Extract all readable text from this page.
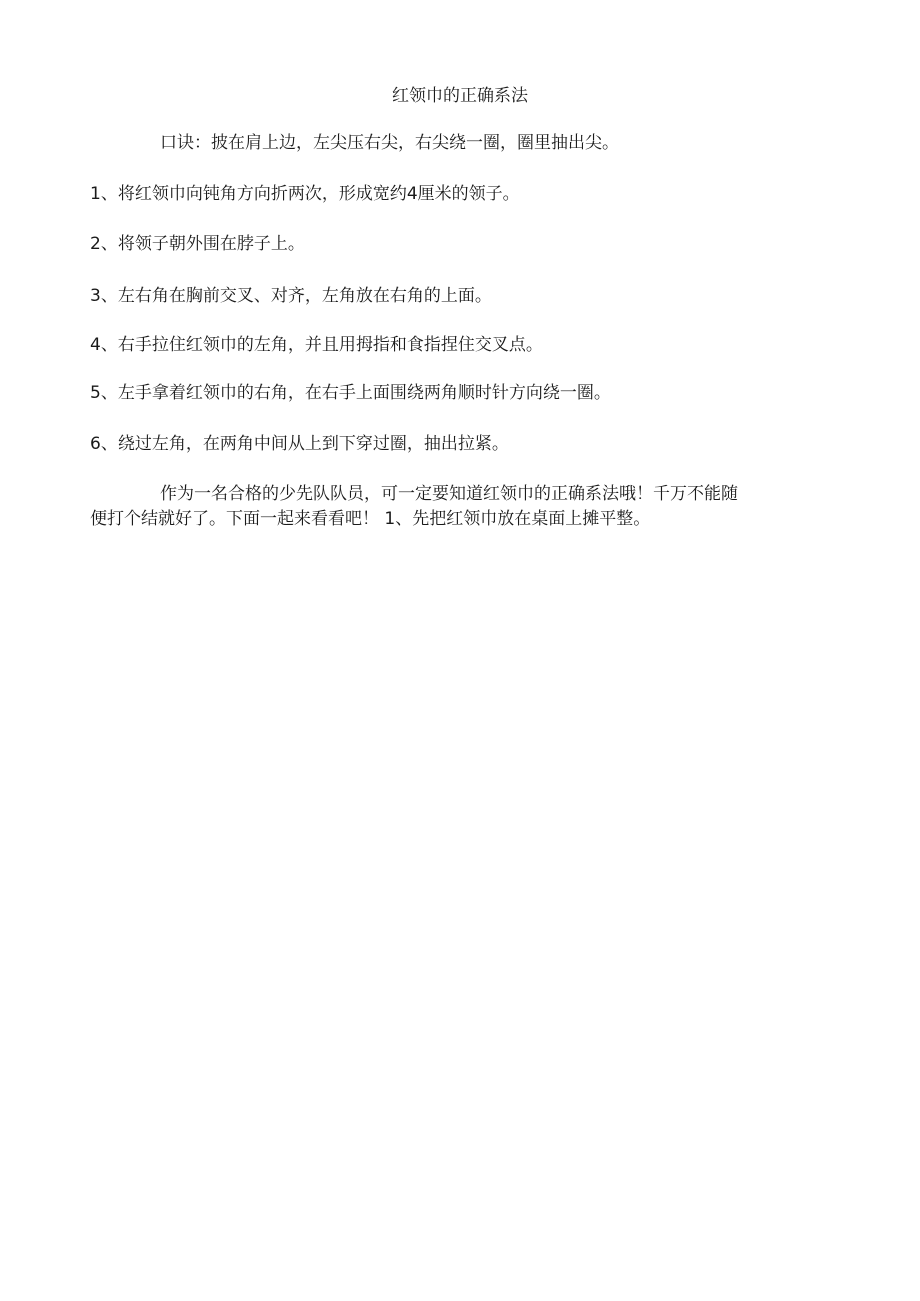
红领巾的正确系法
口诀：披在肩上边，左尖压右尖，右尖绕一圈，圈里抽出尖。
1、将红领巾向钝角方向折两次，形成宽约4厘米的领子。
2、将领子朝外围在脖子上。
3、左右角在胸前交叉、对齐，左角放在右角的上面。
4、右手拉住红领巾的左角，并且用拇指和食指捏住交叉点。
5、左手拿着红领巾的右角，在右手上面围绕两角顺时针方向绕一圈。
6、绕过左角，在两角中间从上到下穿过圈，抽出拉紧。
作为一名合格的少先队队员，可一定要知道红领巾的正确系法哦！千万不能随
便打个结就好了。下面一起来看看吧！ 1、先把红领巾放在桌面上摊平整。
